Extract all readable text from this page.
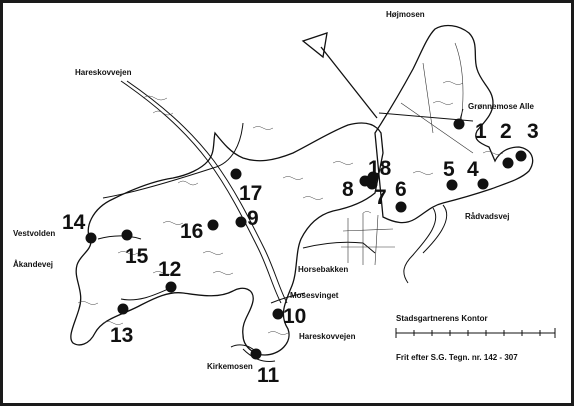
1 2 3
4
5
6
7
8
9
10
11
12
13
14
15
16
17
18
Højmosen
Hareskovvejen
Grønnemose Alle
Rådvadsvej
Vestvolden
Åkandevej
Horsebakken
Mosesvinget
Hareskovvejen
Kirkemosen
Stadsgartnerens Kontor
Frit efter S.G. Tegn. nr. 142 - 307
